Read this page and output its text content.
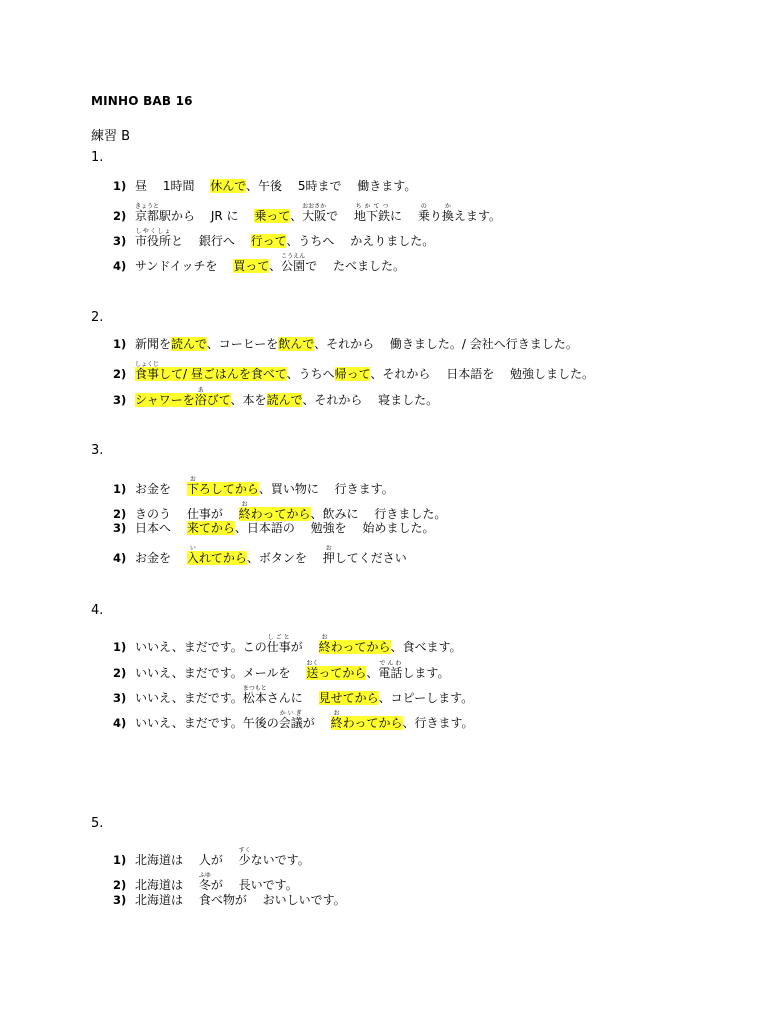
MINHO BAB 16
練習 B
1.
1) 昼　 1時間　 休んで、午後　 5時まで　 働きます。
2) 京都きょうと駅から　 JR に　 乗って、大阪おおさかで　 地下鉄ちかてつに　 乗のり換かえます。
3) 市役所しやくしょと　 銀行へ　 行って、うちへ　 かえりました。
4) サンドイッチを　 買って、公園こうえんで　 たべました。
2.
1) 新聞を読んで、コーヒーを飲んで、それから　 働きました。/ 会社へ行きました。
2) 食事しょくじして/ 昼ごはんを食べて、うちへ帰って、それから　 日本語を　 勉強しました。
3) シャワーを浴あびて、本を読んで、それから　 寝ました。
3.
1) お金を　 下おろしてから、買い物に　 行きます。
2) きのう　 仕事が　 終おわってから、飲みに　 行きました。
3) 日本へ　 来てから、日本語の　 勉強を　 始めました。
4) お金を　 入いれてから、ボタンを　 押おしてください
4.
1) いいえ、まだです。この仕事しごとが　 終おわってから、食べます。
2) いいえ、まだです。メールを　 送おくってから、電話でんわします。
3) いいえ、まだです。松本まつもとさんに　 見せてから、コピーします。
4) いいえ、まだです。午後の会議かいぎが　 終おわってから、行きます。
5.
1) 北海道は　 人が　 少すくないです。
2) 北海道は　 冬ふゆが　 長いです。
3) 北海道は　 食べ物が　 おいしいです。
